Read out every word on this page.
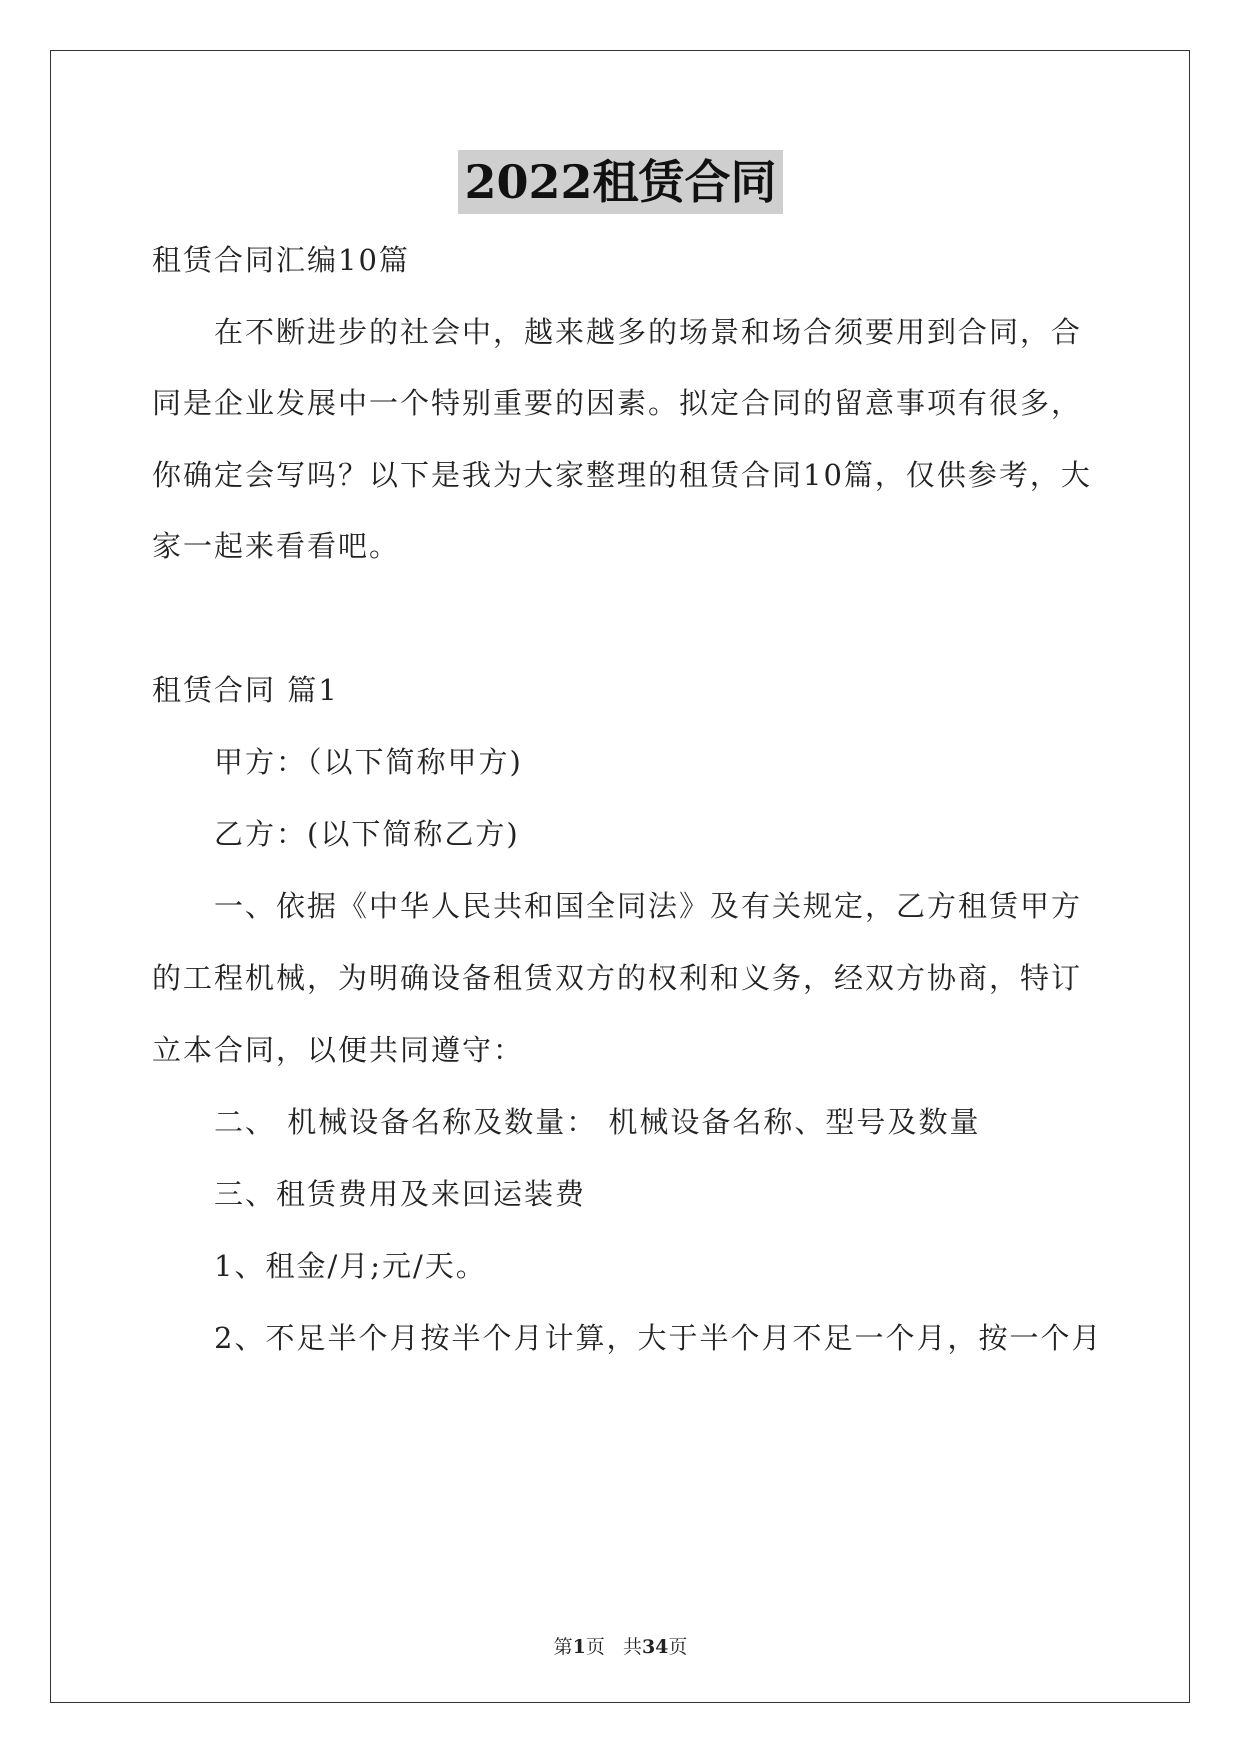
2022租赁合同

租赁合同汇编10篇

在不断进步的社会中，越来越多的场景和场合须要用到合同，合

同是企业发展中一个特别重要的因素。拟定合同的留意事项有很多，

你确定会写吗？以下是我为大家整理的租赁合同10篇，仅供参考，大

家一起来看看吧。

租赁合同 篇1

甲方：（以下简称甲方)

乙方：(以下简称乙方)

一、依据《中华人民共和国全同法》及有关规定，乙方租赁甲方

的工程机械，为明确设备租赁双方的权利和义务，经双方协商，特订

立本合同，以便共同遵守：

二、 机械设备名称及数量： 机械设备名称、型号及数量

三、租赁费用及来回运装费

1、租金/月;元/天。

2、不足半个月按半个月计算，大于半个月不足一个月，按一个月

第1页   共34页
